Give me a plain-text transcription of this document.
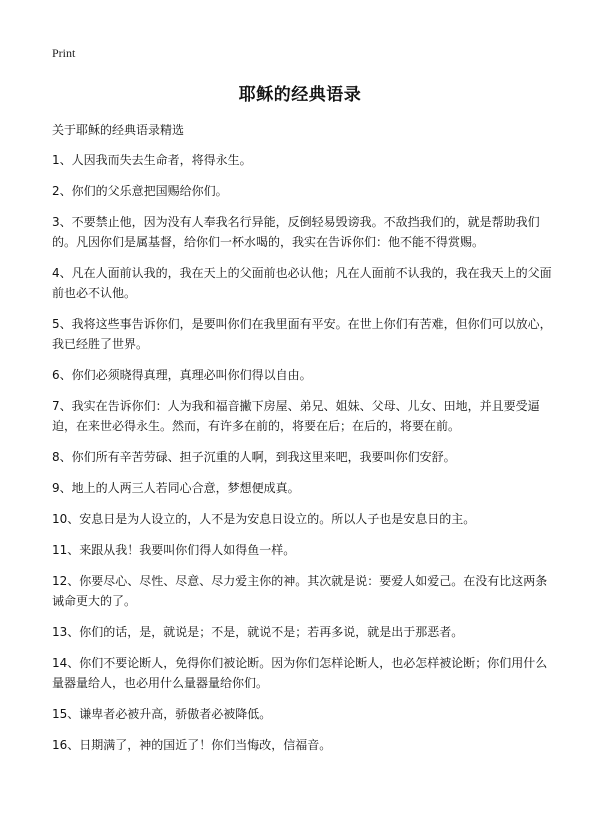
Print
耶稣的经典语录

关于耶稣的经典语录精选

1、人因我而失去生命者，将得永生。
2、你们的父乐意把国赐给你们。
3、不要禁止他，因为没有人奉我名行异能，反倒轻易毁谤我。不敌挡我们的，就是帮助我们的。凡因你们是属基督，给你们一杯水喝的，我实在告诉你们：他不能不得赏赐。
4、凡在人面前认我的，我在天上的父面前也必认他；凡在人面前不认我的，我在我天上的父面前也必不认他。
5、我将这些事告诉你们，是要叫你们在我里面有平安。在世上你们有苦难，但你们可以放心，我已经胜了世界。
6、你们必须晓得真理，真理必叫你们得以自由。
7、我实在告诉你们：人为我和福音撇下房屋、弟兄、姐妹、父母、儿女、田地，并且要受逼迫，在来世必得永生。然而，有许多在前的，将要在后；在后的，将要在前。
8、你们所有辛苦劳碌、担子沉重的人啊，到我这里来吧，我要叫你们安舒。
9、地上的人两三人若同心合意，梦想便成真。
10、安息日是为人设立的，人不是为安息日设立的。所以人子也是安息日的主。
11、来跟从我！我要叫你们得人如得鱼一样。
12、你要尽心、尽性、尽意、尽力爱主你的神。其次就是说：要爱人如爱己。在没有比这两条诫命更大的了。
13、你们的话，是，就说是；不是，就说不是；若再多说，就是出于那恶者。
14、你们不要论断人，免得你们被论断。因为你们怎样论断人，也必怎样被论断；你们用什么量器量给人，也必用什么量器量给你们。
15、谦卑者必被升高，骄傲者必被降低。
16、日期满了，神的国近了！你们当悔改，信福音。
